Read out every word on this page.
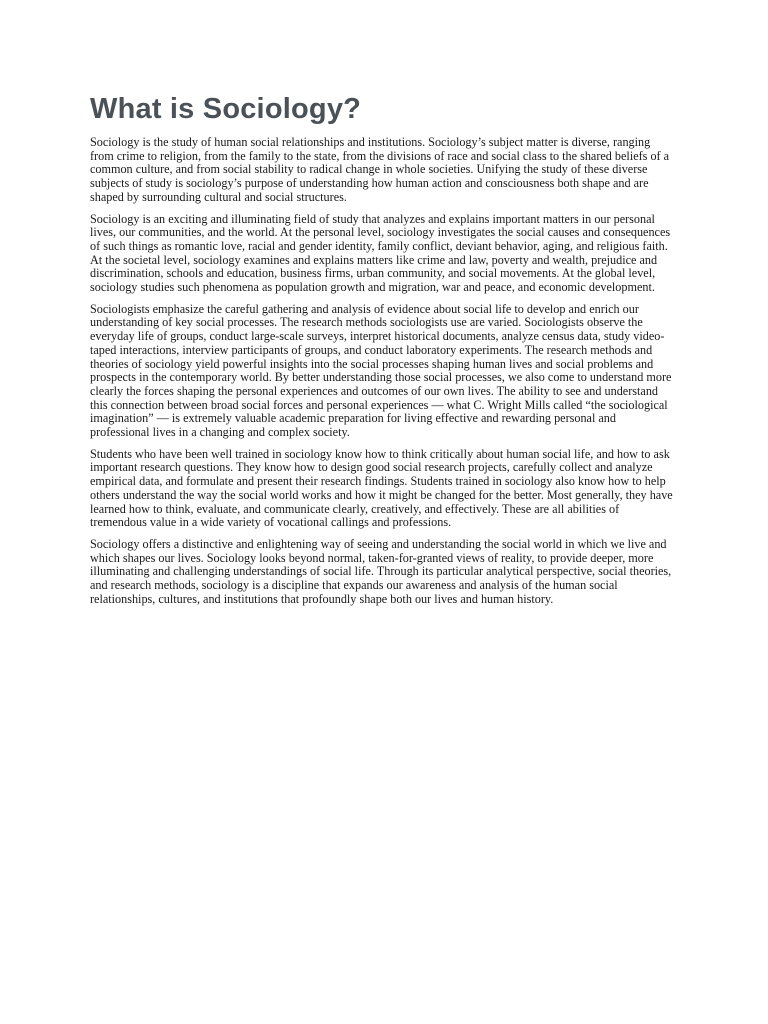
What is Sociology?

Sociology is the study of human social relationships and institutions. Sociology’s subject matter is diverse, ranging from crime to religion, from the family to the state, from the divisions of race and social class to the shared beliefs of a common culture, and from social stability to radical change in whole societies. Unifying the study of these diverse subjects of study is sociology’s purpose of understanding how human action and consciousness both shape and are shaped by surrounding cultural and social structures.

Sociology is an exciting and illuminating field of study that analyzes and explains important matters in our personal lives, our communities, and the world. At the personal level, sociology investigates the social causes and consequences of such things as romantic love, racial and gender identity, family conflict, deviant behavior, aging, and religious faith. At the societal level, sociology examines and explains matters like crime and law, poverty and wealth, prejudice and discrimination, schools and education, business firms, urban community, and social movements. At the global level, sociology studies such phenomena as population growth and migration, war and peace, and economic development.

Sociologists emphasize the careful gathering and analysis of evidence about social life to develop and enrich our understanding of key social processes. The research methods sociologists use are varied. Sociologists observe the everyday life of groups, conduct large-scale surveys, interpret historical documents, analyze census data, study video-taped interactions, interview participants of groups, and conduct laboratory experiments. The research methods and theories of sociology yield powerful insights into the social processes shaping human lives and social problems and prospects in the contemporary world. By better understanding those social processes, we also come to understand more clearly the forces shaping the personal experiences and outcomes of our own lives. The ability to see and understand this connection between broad social forces and personal experiences — what C. Wright Mills called “the sociological imagination” — is extremely valuable academic preparation for living effective and rewarding personal and professional lives in a changing and complex society.

Students who have been well trained in sociology know how to think critically about human social life, and how to ask important research questions. They know how to design good social research projects, carefully collect and analyze empirical data, and formulate and present their research findings. Students trained in sociology also know how to help others understand the way the social world works and how it might be changed for the better. Most generally, they have learned how to think, evaluate, and communicate clearly, creatively, and effectively. These are all abilities of tremendous value in a wide variety of vocational callings and professions.

Sociology offers a distinctive and enlightening way of seeing and understanding the social world in which we live and which shapes our lives. Sociology looks beyond normal, taken-for-granted views of reality, to provide deeper, more illuminating and challenging understandings of social life. Through its particular analytical perspective, social theories, and research methods, sociology is a discipline that expands our awareness and analysis of the human social relationships, cultures, and institutions that profoundly shape both our lives and human history.
